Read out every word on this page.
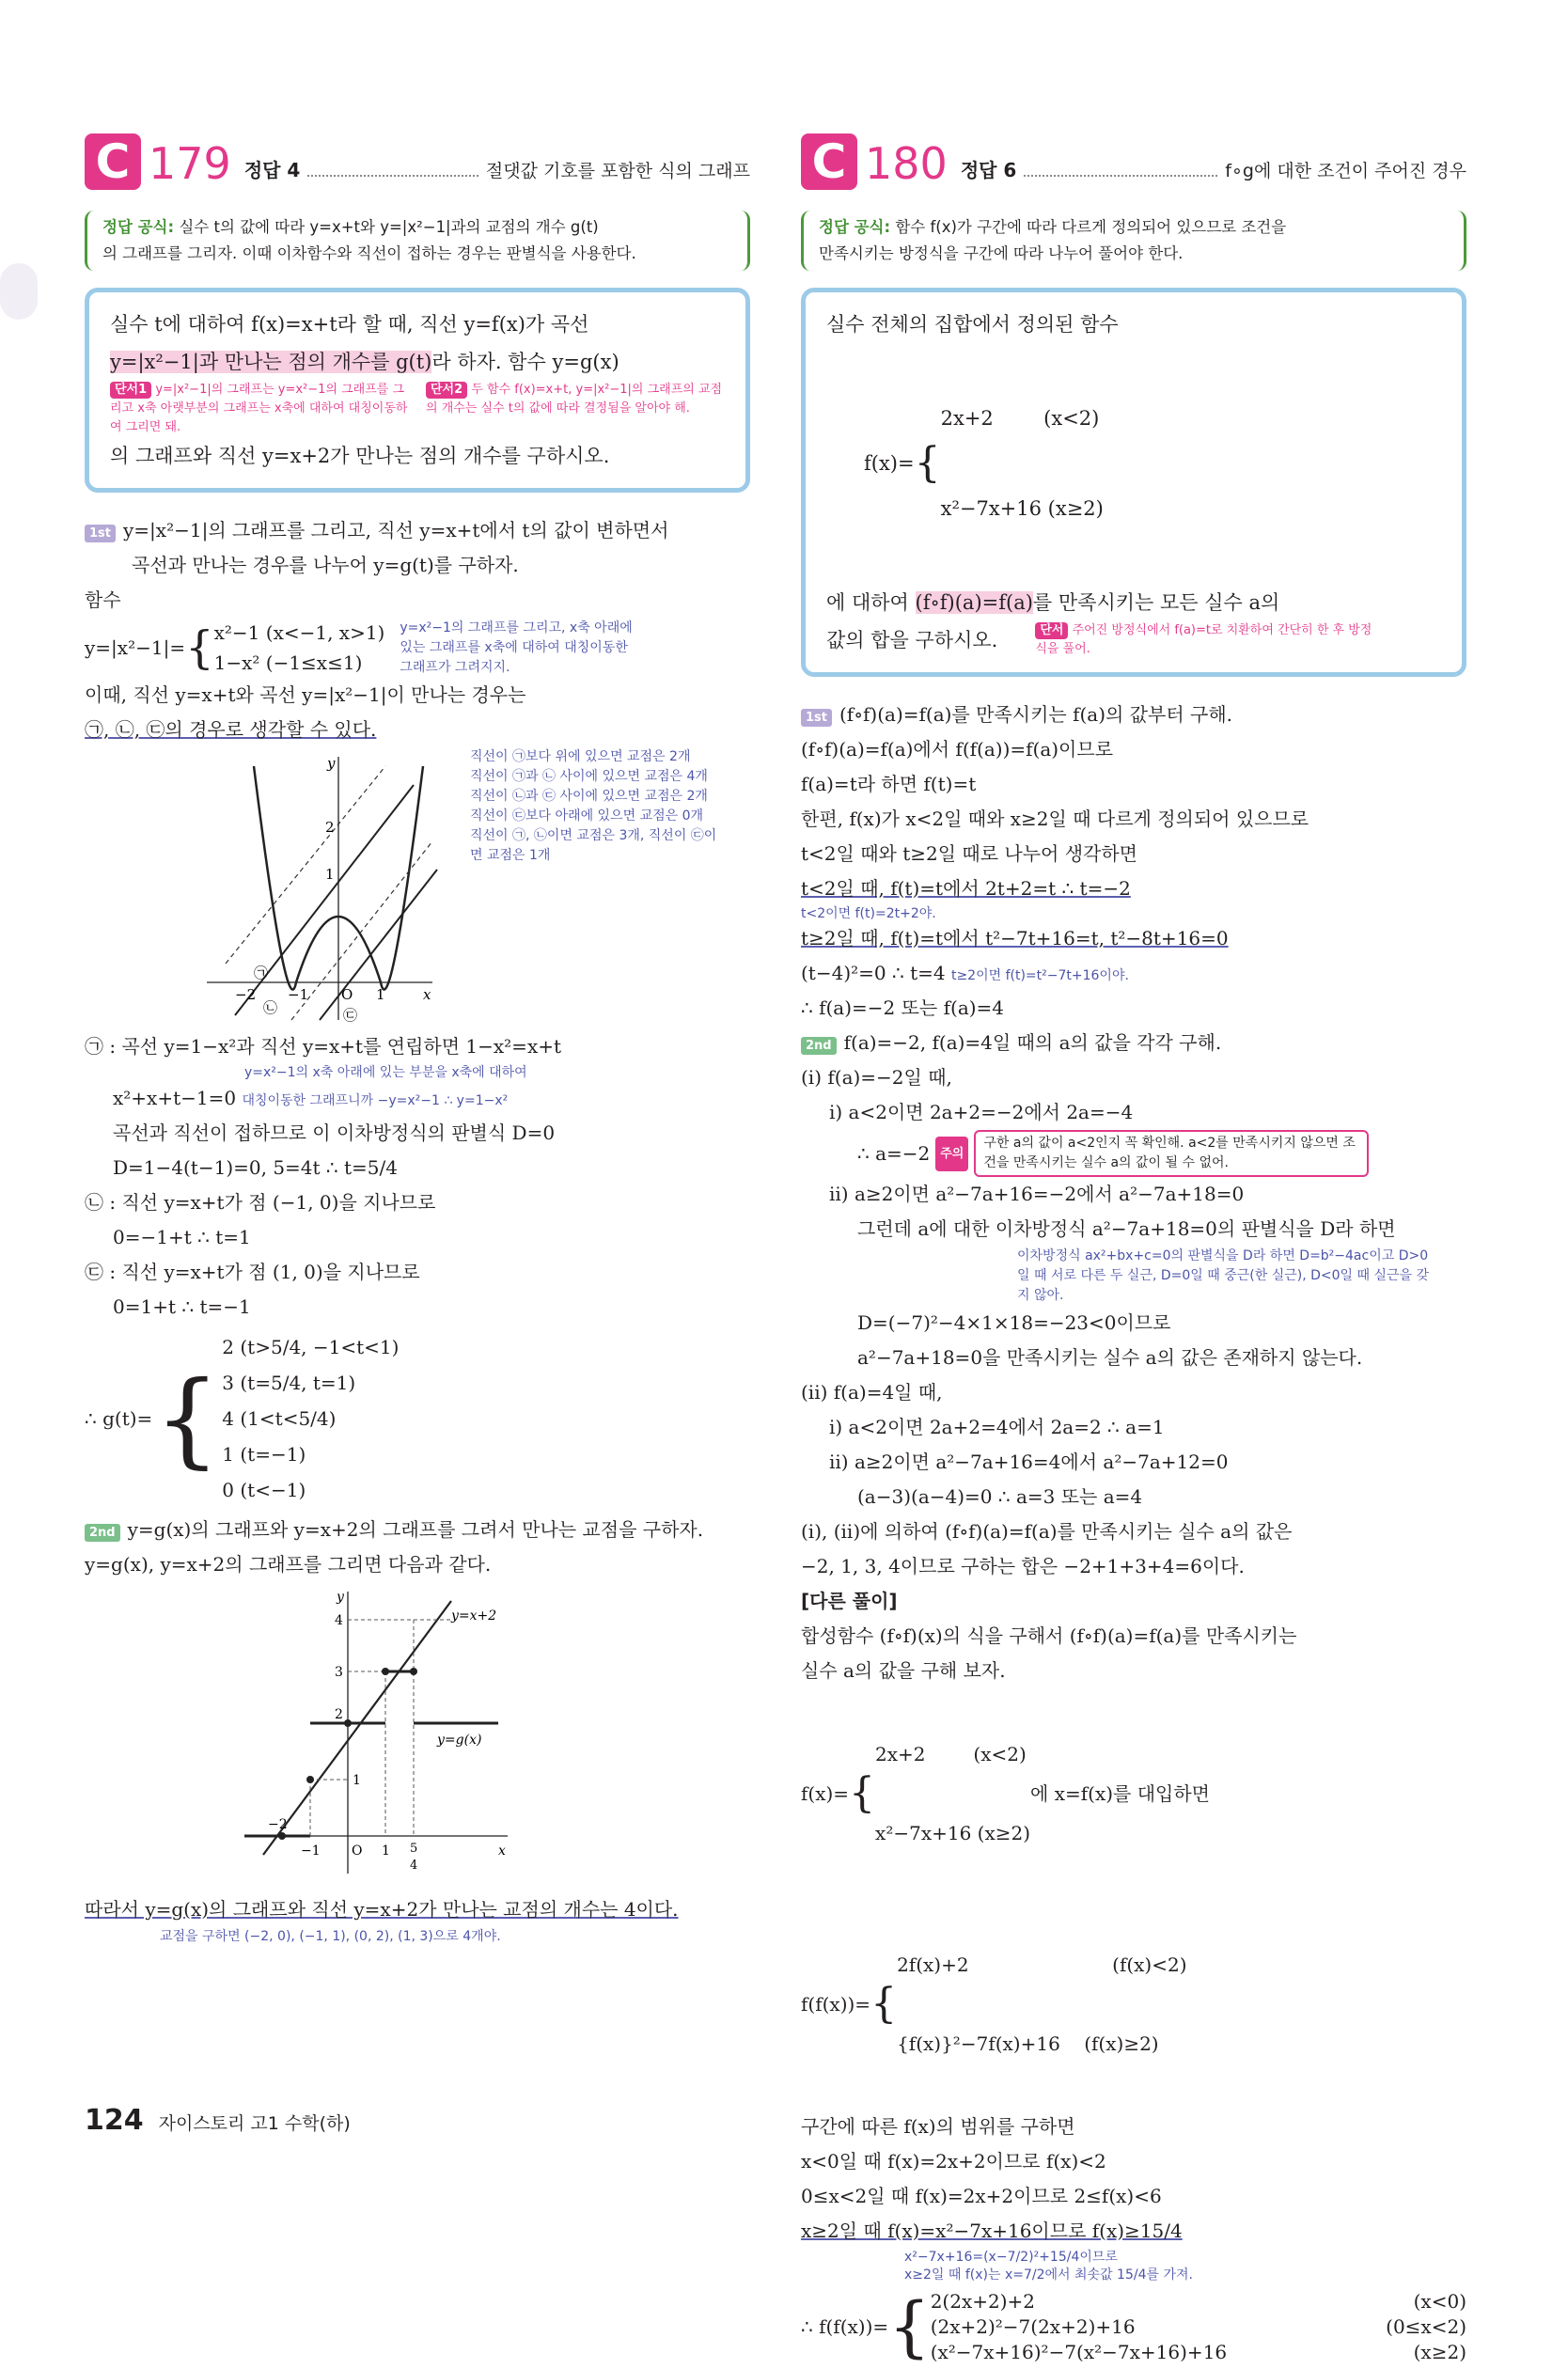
C 179 정답 4	절댓값 기호를 포함한 식의 그래프
정답 공식: 실수 t의 값에 따라 y=x+t와 y=|x²−1|과의 교점의 개수 g(t)
의 그래프를 그리자. 이때 이차함수와 직선이 접하는 경우는 판별식을 사용한다.
실수 t에 대하여 f(x)=x+t라 할 때, 직선 y=f(x)가 곡선
y=|x²−1|과 만나는 점의 개수를 g(t)라 하자. 함수 y=g(x)
단서1 y=|x²−1|의 그래프는 y=x²−1의 그래프를 그리고 x축 아랫부분의 그래프는 x축에 대하여 대칭이동하여 그리면 돼.
단서2 두 함수 f(x)=x+t, y=|x²−1|의 그래프의 교점의 개수는 실수 t의 값에 따라 결정됨을 알아야 해.
의 그래프와 직선 y=x+2가 만나는 점의 개수를 구하시오.
1st y=|x²−1|의 그래프를 그리고, 직선 y=x+t에서 t의 값이 변하면서
곡선과 만나는 경우를 나누어 y=g(t)를 구하자.
함수
y=|x²−1|= { x²−1 (x<−1, x>1)
1−x² (−1≤x≤1)
y=x²−1의 그래프를 그리고, x축 아래에 있는 그래프를 x축에 대하여 대칭이동한 그래프가 그려지지.
이때, 직선 y=x+t와 곡선 y=|x²−1|이 만나는 경우는
㉠, ㉡, ㉢의 경우로 생각할 수 있다.
y
x
2
1
−2 −1 O 1
㉠
㉡	㉢
직선이 ㉠보다 위에 있으면 교점은 2개
직선이 ㉠과 ㉡ 사이에 있으면 교점은 4개
직선이 ㉡과 ㉢ 사이에 있으면 교점은 2개
직선이 ㉢보다 아래에 있으면 교점은 0개
직선이 ㉠, ㉡이면 교점은 3개, 직선이 ㉢이
면 교점은 1개
㉠ : 곡선 y=1−x²과 직선 y=x+t를 연립하면 1−x²=x+t
y=x²−1의 x축 아래에 있는 부분을 x축에 대하여
x²+x+t−1=0 대칭이동한 그래프니까 −y=x²−1 ∴ y=1−x²
곡선과 직선이 접하므로 이 이차방정식의 판별식 D=0
D=1−4(t−1)=0, 5=4t ∴ t=5/4
㉡ : 직선 y=x+t가 점 (−1, 0)을 지나므로
0=−1+t ∴ t=1
㉢ : 직선 y=x+t가 점 (1, 0)을 지나므로
0=1+t ∴ t=−1
∴ g(t)= {
2 (t>5/4, −1<t<1)
3 (t=5/4, t=1)
4 (1<t<5/4)
1 (t=−1)
0 (t<−1)
2nd y=g(x)의 그래프와 y=x+2의 그래프를 그려서 만나는 교점을 구하자.
y=g(x), y=x+2의 그래프를 그리면 다음과 같다.
y
x
4
3
2
1
−2
−1 O 1 5
4
y=x+2
y=g(x)
따라서 y=g(x)의 그래프와 직선 y=x+2가 만나는 교점의 개수는 4이다.
교점을 구하면 (−2, 0), (−1, 1), (0, 2), (1, 3)으로 4개야.
C 180 정답 6	f∘g에 대한 조건이 주어진 경우
정답 공식: 함수 f(x)가 구간에 따라 다르게 정의되어 있으므로 조건을
만족시키는 방정식을 구간에 따라 나누어 풀어야 한다.
실수 전체의 집합에서 정의된 함수
f(x)= {

2x+2        (x<2)

x²−7x+16 (x≥2)

에 대하여 (f∘f)(a)=f(a)를 만족시키는 모든 실수 a의
값의 합을 구하시오.	단서 주어진 방정식에서 f(a)=t로 치환하여 간단히 한 후 방정식을 풀어.
1st (f∘f)(a)=f(a)를 만족시키는 f(a)의 값부터 구해.
(f∘f)(a)=f(a)에서 f(f(a))=f(a)이므로
f(a)=t라 하면 f(t)=t
한편, f(x)가 x<2일 때와 x≥2일 때 다르게 정의되어 있으므로
t<2일 때와 t≥2일 때로 나누어 생각하면
t<2일 때, f(t)=t에서 2t+2=t ∴ t=−2
t<2이면 f(t)=2t+2야.
t≥2일 때, f(t)=t에서 t²−7t+16=t, t²−8t+16=0
(t−4)²=0 ∴ t=4 t≥2이면 f(t)=t²−7t+16이야.
∴ f(a)=−2 또는 f(a)=4
2nd f(a)=−2, f(a)=4일 때의 a의 값을 각각 구해.
(i) f(a)=−2일 때,
i) a<2이면 2a+2=−2에서 2a=−4
∴ a=−2 주의
구한 a의 값이 a<2인지 꼭 확인해. a<2를 만족시키지 않으면 조건을 만족시키는 실수 a의 값이 될 수 없어.
ii) a≥2이면 a²−7a+16=−2에서 a²−7a+18=0
그런데 a에 대한 이차방정식 a²−7a+18=0의 판별식을 D라 하면
이차방정식 ax²+bx+c=0의 판별식을 D라 하면 D=b²−4ac이고 D>0일 때 서로 다른 두 실근, D=0일 때 중근(한 실근), D<0일 때 실근을 갖지 않아.
D=(−7)²−4×1×18=−23<0이므로
a²−7a+18=0을 만족시키는 실수 a의 값은 존재하지 않는다.
(ii) f(a)=4일 때,
i) a<2이면 2a+2=4에서 2a=2 ∴ a=1
ii) a≥2이면 a²−7a+16=4에서 a²−7a+12=0
(a−3)(a−4)=0 ∴ a=3 또는 a=4
(i), (ii)에 의하여 (f∘f)(a)=f(a)를 만족시키는 실수 a의 값은
−2, 1, 3, 4이므로 구하는 합은 −2+1+3+4=6이다.
[다른 풀이]
합성함수 (f∘f)(x)의 식을 구해서 (f∘f)(a)=f(a)를 만족시키는
실수 a의 값을 구해 보자.
f(x)= {

2x+2        (x<2)

x²−7x+16 (x≥2)

에 x=f(x)를 대입하면
f(f(x))= {

2f(x)+2                        (f(x)<2)

{f(x)}²−7f(x)+16    (f(x)≥2)

구간에 따른 f(x)의 범위를 구하면
x<0일 때 f(x)=2x+2이므로 f(x)<2
0≤x<2일 때 f(x)=2x+2이므로 2≤f(x)<6
x≥2일 때 f(x)=x²−7x+16이므로 f(x)≥15/4
x²−7x+16=(x−7/2)²+15/4이므로
x≥2일 때 f(x)는 x=7/2에서 최솟값 15/4를 가져.
∴ f(f(x))= { 2(2x+2)+2	(x<0)
(2x+2)²−7(2x+2)+16	(0≤x<2)
(x²−7x+16)²−7(x²−7x+16)+16	(x≥2)
124 자이스토리 고1 수학(하)
